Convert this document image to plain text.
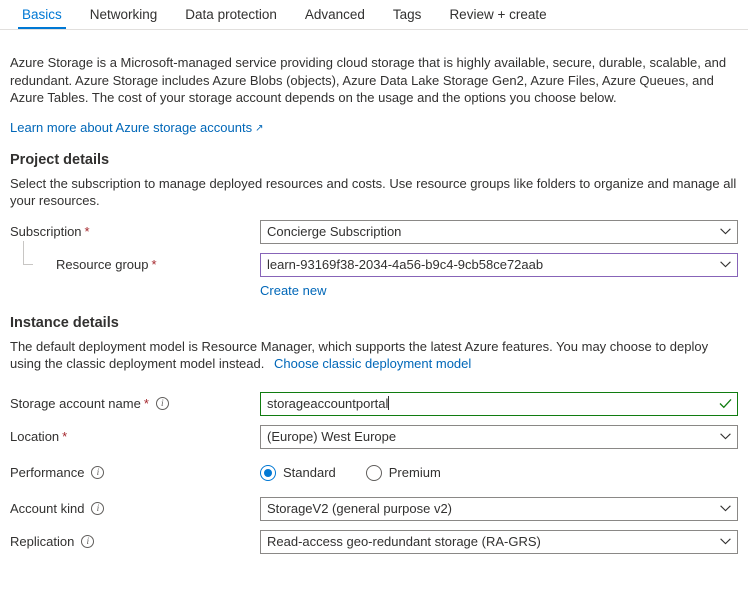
Basics	Networking	Data protection	Advanced	Tags	Review + create

Azure Storage is a Microsoft-managed service providing cloud storage that is highly available, secure, durable, scalable, and redundant. Azure Storage includes Azure Blobs (objects), Azure Data Lake Storage Gen2, Azure Files, Azure Queues, and Azure Tables. The cost of your storage account depends on the usage and the options you choose below.

Learn more about Azure storage accounts ↗
Project details
Select the subscription to manage deployed resources and costs. Use resource groups like folders to organize and manage all your resources.
Subscription *	Concierge Subscription
Resource group *	learn-93169f38-2034-4a56-b9c4-9cb58ce72aab
Create new
Instance details
The default deployment model is Resource Manager, which supports the latest Azure features. You may choose to deploy using the classic deployment model instead. Choose classic deployment model
Storage account name *	i	storageaccountportal
Location *	(Europe) West Europe
Performance	i	Standard	Premium
Account kind	i	StorageV2 (general purpose v2)
Replication	i	Read-access geo-redundant storage (RA-GRS)
